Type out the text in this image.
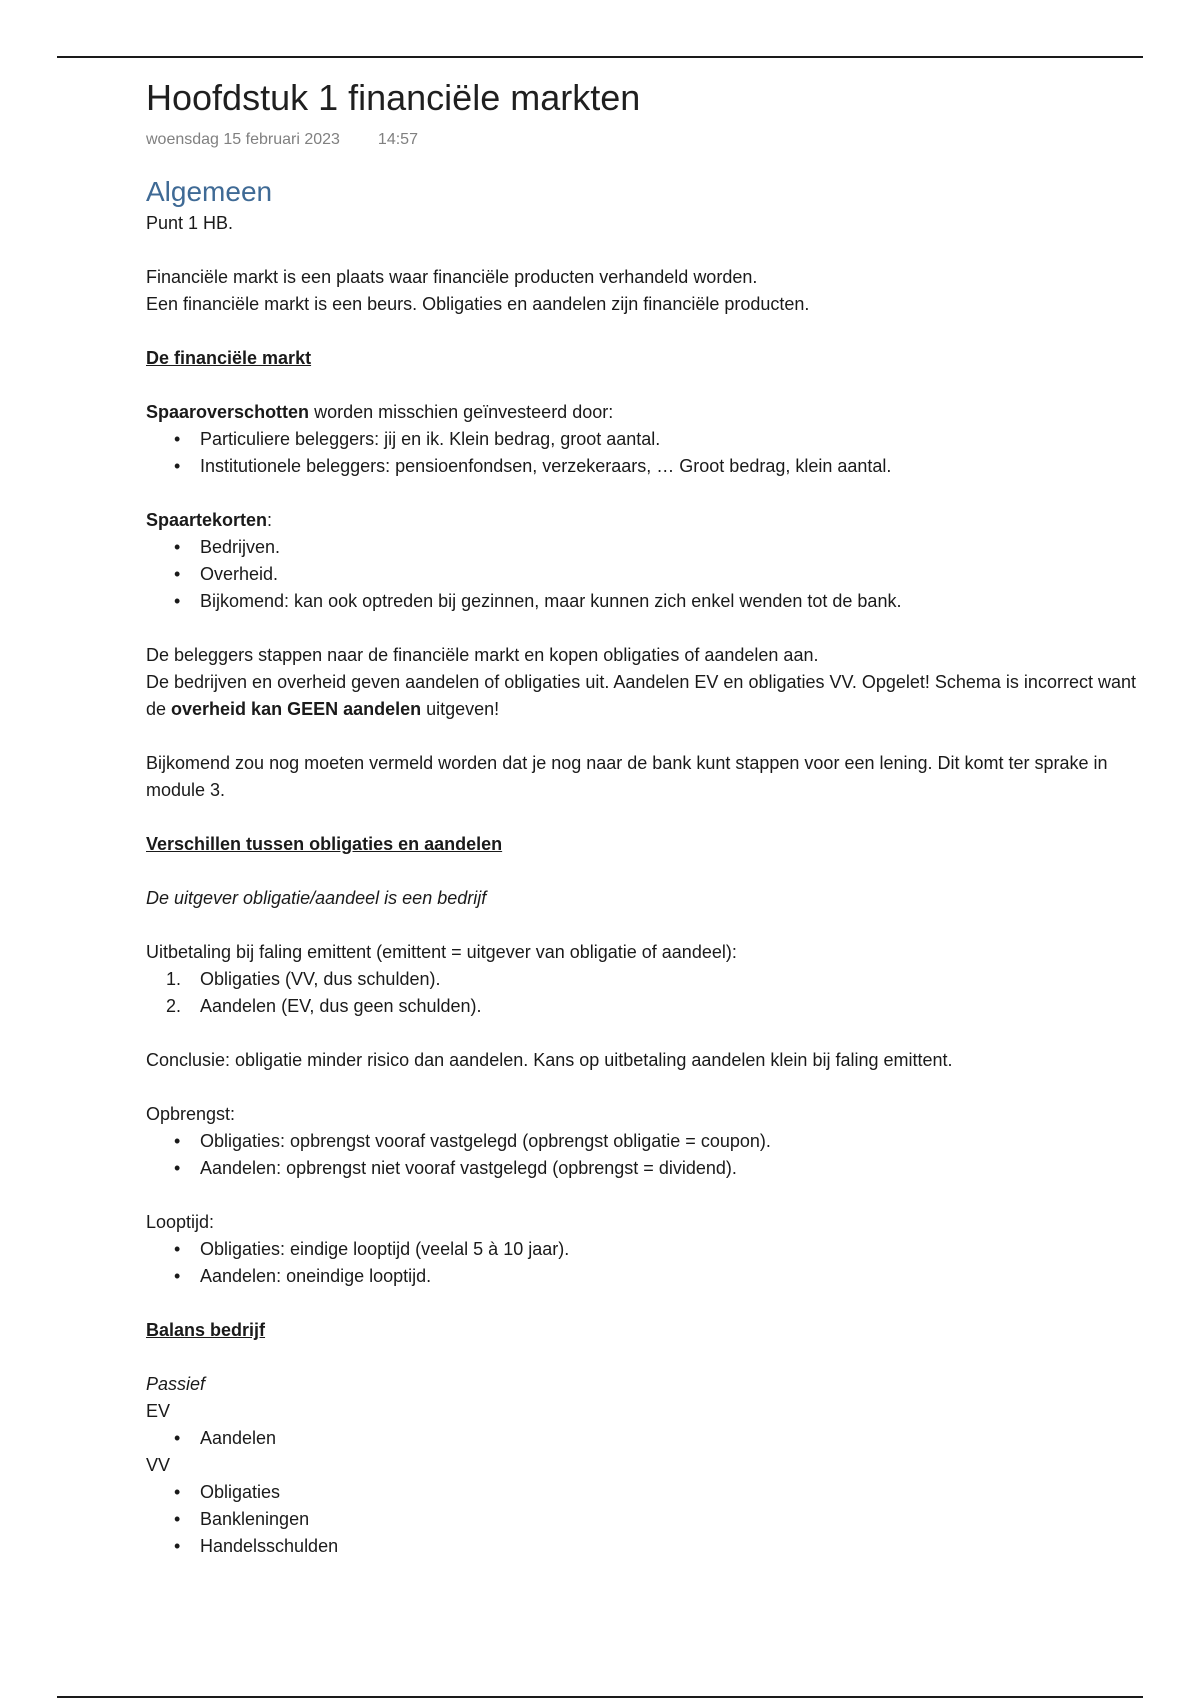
Hoofdstuk 1 financiële markten
woensdag 15 februari 2023 14:57
Algemeen

Punt 1 HB.

Financiële markt is een plaats waar financiële producten verhandeld worden.

Een financiële markt is een beurs. Obligaties en aandelen zijn financiële producten.

De financiële markt

Spaaroverschotten worden misschien geïnvesteerd door:

• Particuliere beleggers: jij en ik. Klein bedrag, groot aantal.
• Institutionele beleggers: pensioenfondsen, verzekeraars, … Groot bedrag, klein aantal.

Spaartekorten:

• Bedrijven.
• Overheid.
• Bijkomend: kan ook optreden bij gezinnen, maar kunnen zich enkel wenden tot de bank.

De beleggers stappen naar de financiële markt en kopen obligaties of aandelen aan.

De bedrijven en overheid geven aandelen of obligaties uit. Aandelen EV en obligaties VV. Opgelet! Schema is incorrect want de overheid kan GEEN aandelen uitgeven!

Bijkomend zou nog moeten vermeld worden dat je nog naar de bank kunt stappen voor een lening. Dit komt ter sprake in module 3.

Verschillen tussen obligaties en aandelen

De uitgever obligatie/aandeel is een bedrijf

Uitbetaling bij faling emittent (emittent = uitgever van obligatie of aandeel):

1. Obligaties (VV, dus schulden).
2. Aandelen (EV, dus geen schulden).

Conclusie: obligatie minder risico dan aandelen. Kans op uitbetaling aandelen klein bij faling emittent.

Opbrengst:

• Obligaties: opbrengst vooraf vastgelegd (opbrengst obligatie = coupon).
• Aandelen: opbrengst niet vooraf vastgelegd (opbrengst = dividend).

Looptijd:

• Obligaties: eindige looptijd (veelal 5 à 10 jaar).
• Aandelen: oneindige looptijd.

Balans bedrijf

Passief

EV

• Aandelen

VV

• Obligaties
• Bankleningen
• Handelsschulden
